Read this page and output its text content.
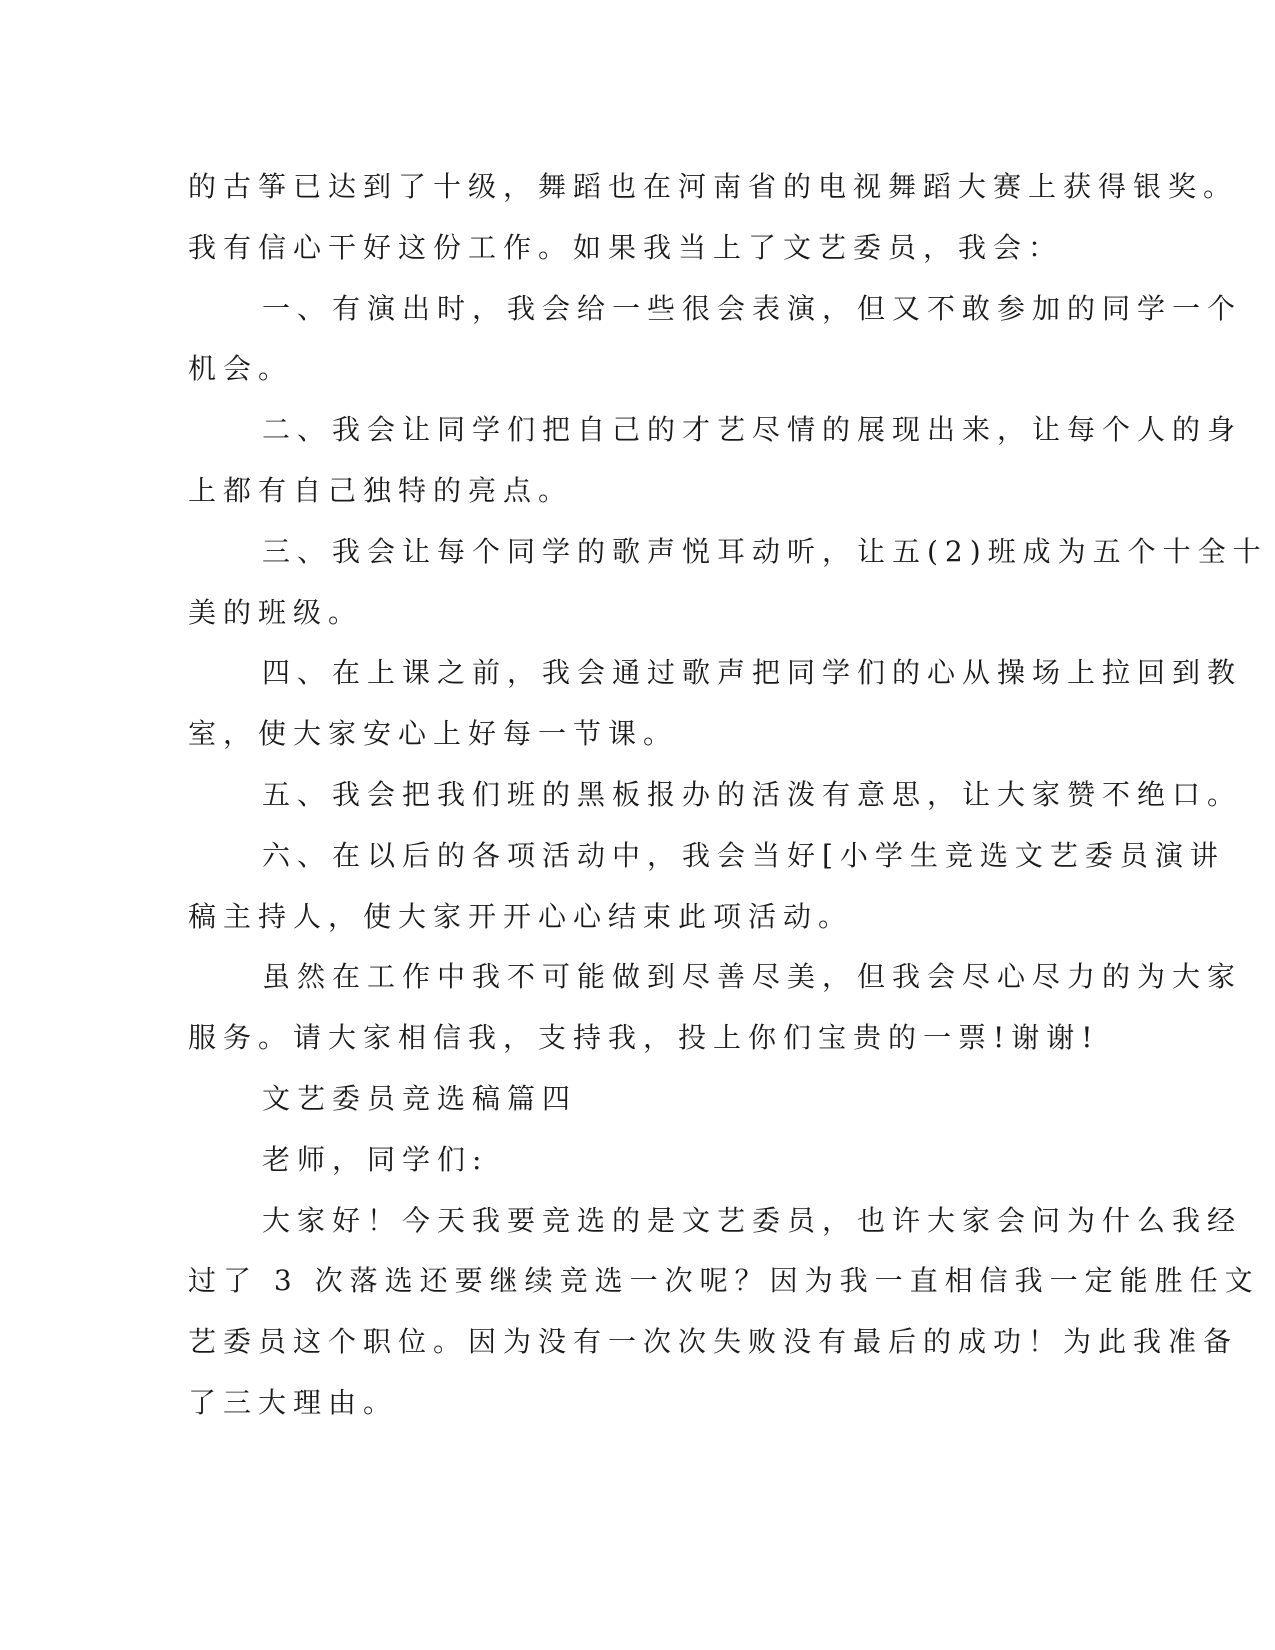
的古筝已达到了十级，舞蹈也在河南省的电视舞蹈大赛上获得银奖。
我有信心干好这份工作。如果我当上了文艺委员，我会：
一、有演出时，我会给一些很会表演，但又不敢参加的同学一个
机会。
二、我会让同学们把自己的才艺尽情的展现出来，让每个人的身
上都有自己独特的亮点。
三、我会让每个同学的歌声悦耳动听，让五(2)班成为五个十全十
美的班级。
四、在上课之前，我会通过歌声把同学们的心从操场上拉回到教
室，使大家安心上好每一节课。
五、我会把我们班的黑板报办的活泼有意思，让大家赞不绝口。
六、在以后的各项活动中，我会当好[小学生竞选文艺委员演讲
稿主持人，使大家开开心心结束此项活动。
虽然在工作中我不可能做到尽善尽美，但我会尽心尽力的为大家
服务。请大家相信我，支持我，投上你们宝贵的一票!谢谢!
文艺委员竞选稿篇四
老师，同学们:
大家好！今天我要竞选的是文艺委员，也许大家会问为什么我经
过了 3 次落选还要继续竞选一次呢？因为我一直相信我一定能胜任文
艺委员这个职位。因为没有一次次失败没有最后的成功！为此我准备
了三大理由。
